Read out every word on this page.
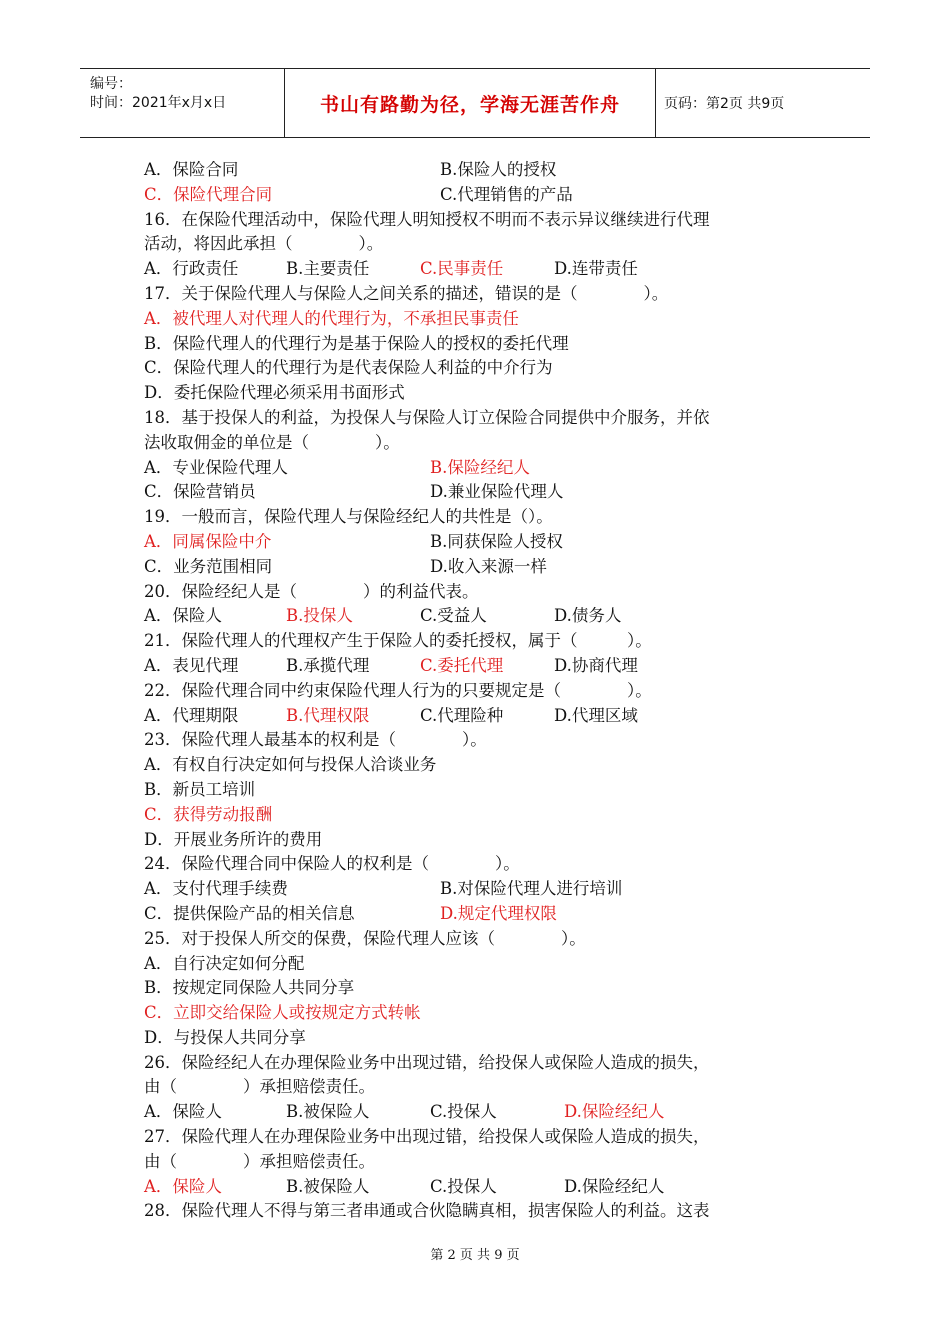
编号：
时间：2021年x月x日	书山有路勤为径，学海无涯苦作舟	页码：第2页 共9页
A．保险合同	B.保险人的授权
C．保险代理合同	C.代理销售的产品
16．在保险代理活动中，保险代理人明知授权不明而不表示异议继续进行代理
活动，将因此承担（　　　　）。
A．行政责任	B.主要责任	C.民事责任	D.连带责任
17．关于保险代理人与保险人之间关系的描述，错误的是（　　　　）。
A．被代理人对代理人的代理行为，不承担民事责任
B．保险代理人的代理行为是基于保险人的授权的委托代理
C．保险代理人的代理行为是代表保险人利益的中介行为
D．委托保险代理必须采用书面形式
18．基于投保人的利益，为投保人与保险人订立保险合同提供中介服务，并依
法收取佣金的单位是（　　　　）。
A．专业保险代理人	B.保险经纪人
C．保险营销员	D.兼业保险代理人
19．一般而言，保险代理人与保险经纪人的共性是（）。
A．同属保险中介	B.同获保险人授权
C．业务范围相同	D.收入来源一样
20．保险经纪人是（　　　　）的利益代表。
A．保险人	B.投保人	C.受益人	D.债务人
21．保险代理人的代理权产生于保险人的委托授权，属于（　　　）。
A．表见代理	B.承揽代理	C.委托代理	D.协商代理
22．保险代理合同中约束保险代理人行为的只要规定是（　　　　）。
A．代理期限	B.代理权限	C.代理险种	D.代理区域
23．保险代理人最基本的权利是（　　　　）。
A．有权自行决定如何与投保人洽谈业务
B．新员工培训
C．获得劳动报酬
D．开展业务所许的费用
24．保险代理合同中保险人的权利是（　　　　）。
A．支付代理手续费	B.对保险代理人进行培训
C．提供保险产品的相关信息	D.规定代理权限
25．对于投保人所交的保费，保险代理人应该（　　　　）。
A．自行决定如何分配
B．按规定同保险人共同分享
C．立即交给保险人或按规定方式转帐
D．与投保人共同分享
26．保险经纪人在办理保险业务中出现过错，给投保人或保险人造成的损失，
由（　　　　）承担赔偿责任。
A．保险人	B.被保险人	C.投保人	D.保险经纪人
27．保险代理人在办理保险业务中出现过错，给投保人或保险人造成的损失，
由（　　　　）承担赔偿责任。
A．保险人	B.被保险人	C.投保人	D.保险经纪人
28．保险代理人不得与第三者串通或合伙隐瞒真相，损害保险人的利益。这表
第 2 页 共 9 页
